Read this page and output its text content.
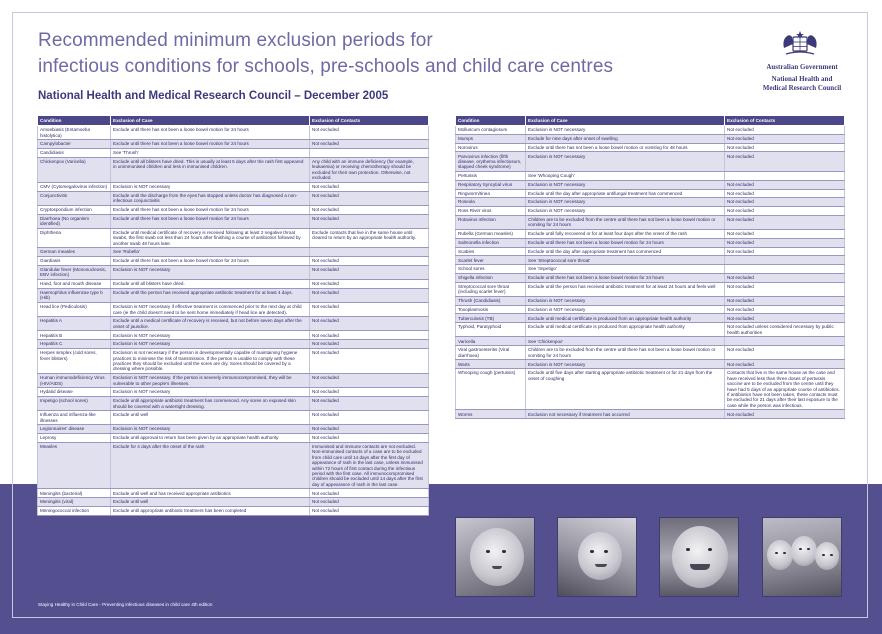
Recommended minimum exclusion periods for
infectious conditions for schools, pre-schools and child care centres
National Health and Medical Research Council – December 2005
Australian Government
National Health and
Medical Research Council
Condition	Exclusion of Case	Exclusion of Contacts
Amoebiasis (Entamoeba histolytica)	Exclude until there has not been a loose bowel motion for 24 hours	Not excluded
Campylobacter	Exclude until there has not been a loose bowel motion for 24 hours	Not excluded
Candidiasis	See 'Thrush'	
Chickenpox (Varicella)	Exclude until all blisters have dried. This is usually at least 5 days after the rash first appeared in unimmunised children and less in immunised children.	Any child with an immune deficiency (for example, leukaemia) or receiving chemotherapy should be excluded for their own protection. Otherwise, not excluded.
CMV (Cytomegalovirus infection)	Exclusion is NOT necessary	Not excluded
Conjunctivitis	Exclude until the discharge from the eyes has stopped unless doctor has diagnosed a non-infectious conjunctivitis	Not excluded
Cryptosporidium infection	Exclude until there has not been a loose bowel motion for 24 hours	Not excluded
Diarrhoea (No organism identified)	Exclude until there has not been a loose bowel motion for 24 hours	Not excluded
Diphtheria	Exclude until medical certificate of recovery is received following at least 2 negative throat swabs, the first swab not less than 24 hours after finishing a course of antibiotics followed by another swab 48 hours later.	Exclude contacts that live in the same house until cleared to return by an appropriate health authority.
German measles	See 'Rubella'	
Giardiasis	Exclude until there has not been a loose bowel motion for 24 hours	Not excluded
Glandular fever (Mononucleosis, EBV infection)	Exclusion is NOT necessary	Not excluded
Hand, foot and mouth disease	Exclude until all blisters have dried.	Not excluded
Haemophilus influenzae type b (Hib)	Exclude until the person has received appropriate antibiotic treatment for at least 4 days.	Not excluded
Head lice (Pediculosis)	Exclusion is NOT necessary if effective treatment is commenced prior to the next day at child care (ie the child doesn't need to be sent home immediately if head lice are detected).	Not excluded
Hepatitis A	Exclude until a medical certificate of recovery is received, but not before seven days after the onset of jaundice.	Not excluded
Hepatitis B	Exclusion is NOT necessary	Not excluded
Hepatitis C	Exclusion is NOT necessary	Not excluded
Herpes simplex (cold sores, fever blisters)	Exclusion is not necessary if the person is developmentally capable of maintaining hygiene practices to minimise the risk of transmission. If the person is unable to comply with these practices they should be excluded until the sores are dry. Sores should be covered by a dressing where possible.	Not excluded
Human immunodeficiency Virus (HIV/AIDS)	Exclusion is NOT necessary. If the person is severely immunocompromised, they will be vulnerable to other people's illnesses.	Not excluded
Hydatid disease	Exclusion is NOT necessary	Not excluded
Impetigo (school sores)	Exclude until appropriate antibiotic treatment has commenced. Any sores on exposed skin should be covered with a watertight dressing.	Not excluded
Influenza and influenza-like illnesses	Exclude until well	Not excluded
Legionnaires' disease	Exclusion is NOT necessary	Not excluded
Leprosy	Exclude until approval to return has been given by an appropriate health authority	Not excluded
Measles	Exclude for 4 days after the onset of the rash	Immunised and immune contacts are not excluded. Non-immunised contacts of a case are to be excluded from child care until 14 days after the first day of appearance of rash in the last case, unless immunised within 72 hours of first contact during the infectious period with the first case. All immunocompromised children should be excluded until 14 days after the first day of appearance of rash in the last case.
Meningitis (bacterial)	Exclude until well and has received appropriate antibiotics	Not excluded
Meningitis (viral)	Exclude until well	Not excluded
Meningococcal infection	Exclude until appropriate antibiotic treatment has been completed	Not excluded
Condition	Exclusion of Case	Exclusion of Contacts
Molluscum contagiosum	Exclusion is NOT necessary	Not excluded
Mumps	Exclude for nine days after onset of swelling	Not excluded
Norovirus	Exclude until there has not been a loose bowel motion or vomiting for 48 hours	Not excluded
Parvovirus infection (fifth disease, erythema infectiosum, slapped cheek syndrome)	Exclusion is NOT necessary	Not excluded
Pertussis	See 'Whooping Cough'	
Respiratory Syncytial virus	Exclusion is NOT necessary	Not excluded
Ringworm/tinea	Exclude until the day after appropriate antifungal treatment has commenced	Not excluded
Roseola	Exclusion is NOT necessary	Not excluded
Ross River virus	Exclusion is NOT necessary	Not excluded
Rotavirus infection	Children are to be excluded from the centre until there has not been a loose bowel motion or vomiting for 24 hours	Not excluded
Rubella (German measles)	Exclude until fully recovered or for at least four days after the onset of the rash	Not excluded
Salmonella infection	Exclude until there has not been a loose bowel motion for 24 hours	Not excluded
Scabies	Exclude until the day after appropriate treatment has commenced	Not excluded
Scarlet fever	See 'Streptococcal sore throat'	
School sores	See 'Impetigo'	
Shigella infection	Exclude until there has not been a loose bowel motion for 24 hours	Not excluded
Streptococcal sore throat (including scarlet fever)	Exclude until the person has received antibiotic treatment for at least 24 hours and feels well	Not excluded
Thrush (Candidiasis)	Exclusion is NOT necessary	Not excluded
Toxoplasmosis	Exclusion is NOT necessary	Not excluded
Tuberculosis (TB)	Exclude until medical certificate is produced from an appropriate health authority	Not excluded
Typhoid, Paratyphoid	Exclude until medical certificate is produced from appropriate health authority	Not excluded unless considered necessary by public health authorities
Varicella	See 'Chickenpox'	
Viral gastroenteritis (Viral diarrhoea)	Children are to be excluded from the centre until there has not been a loose bowel motion or vomiting for 24 hours	Not excluded
Warts	Exclusion is NOT necessary	Not excluded
Whooping cough (pertussis)	Exclude until five days after starting appropriate antibiotic treatment or for 21 days from the onset of coughing	Contacts that live in the same house as the case and have received less than three doses of pertussis vaccine are to be excluded from the centre until they have had 5 days of an appropriate course of antibiotics. If antibiotics have not been taken, these contacts must be excluded for 21 days after their last exposure to the case while the person was infectious.
Worms	Exclusion not necessary if treatment has occurred	Not excluded
Staying Healthy in Child Care - Preventing infectious diseases in child care 4th edition
